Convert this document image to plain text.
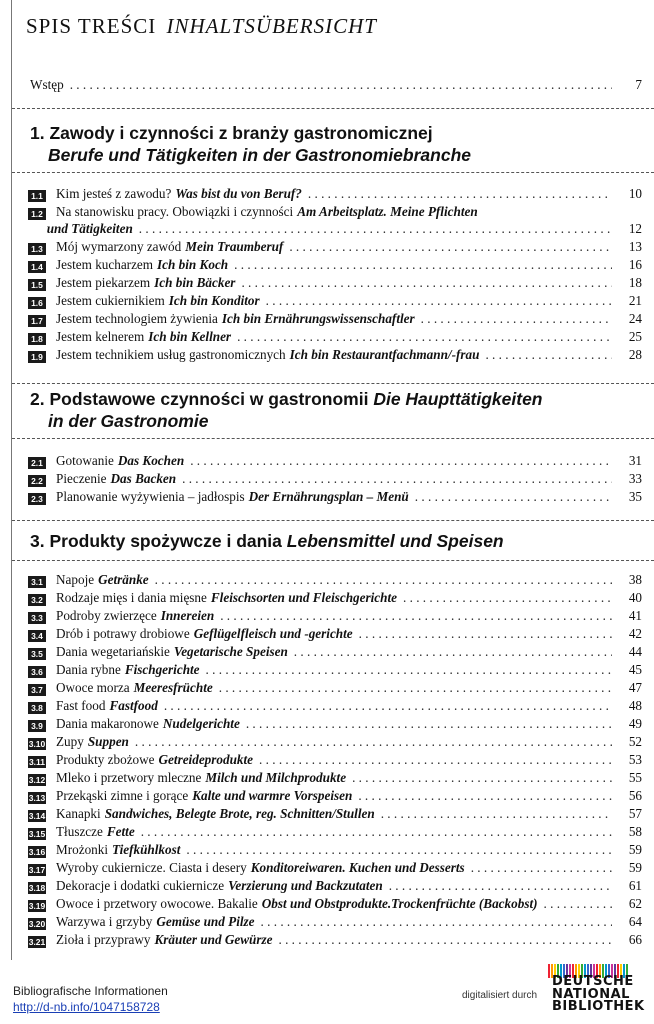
SPIS TREŚCI INHALTSÜBERSICHT
Wstęp . . .	7
1. Zawody i czynności z branży gastronomicznej
Berufe und Tätigkeiten in der Gastronomiebranche
2. Podstawowe czynności w gastronomii Die Haupttätigkeiten
in der Gastronomie
3. Produkty spożywcze i dania Lebensmittel und Speisen
Bibliografische Informationen
http://d-nb.info/1047158728
digitalisiert durch
DEUTSCHE
NATIONAL
BIBLIOTHEK
1.1 Kim jesteś z zawodu? Was bist du von Beruf? . . .	10
1.2 Na stanowisku pracy. Obowiązki i czynności Am Arbeitsplatz. Meine Pflichten
und Tätigkeiten . . .	12
1.3 Mój wymarzony zawód Mein Traumberuf . . .	13
1.4 Jestem kucharzem Ich bin Koch . . .	16
1.5 Jestem piekarzem Ich bin Bäcker . . .	18
1.6 Jestem cukiernikiem Ich bin Konditor . . .	21
1.7 Jestem technologiem żywienia Ich bin Ernährungswissenschaftler . . .	24
1.8 Jestem kelnerem Ich bin Kellner . . .	25
1.9 Jestem technikiem usług gastronomicznych Ich bin Restaurantfachmann/-frau . . .	28
2.1 Gotowanie Das Kochen . . .	31
2.2 Pieczenie Das Backen . . .	33
2.3 Planowanie wyżywienia – jadłospis Der Ernährungsplan – Menü . . .	35
3.1 Napoje Getränke . . .	38
3.2 Rodzaje mięs i dania mięsne Fleischsorten und Fleischgerichte . . .	40
3.3 Podroby zwierzęce Innereien . . .	41
3.4 Drób i potrawy drobiowe Geflügelfleisch und -gerichte . . .	42
3.5 Dania wegetariańskie Vegetarische Speisen . . .	44
3.6 Dania rybne Fischgerichte . . .	45
3.7 Owoce morza Meeresfrüchte . . .	47
3.8 Fast food Fastfood . . .	48
3.9 Dania makaronowe Nudelgerichte . . .	49
3.10 Zupy Suppen . . .	52
3.11 Produkty zbożowe Getreideprodukte . . .	53
3.12 Mleko i przetwory mleczne Milch und Milchprodukte . . .	55
3.13 Przekąski zimne i gorące Kalte und warmre Vorspeisen . . .	56
3.14 Kanapki Sandwiches, Belegte Brote, reg. Schnitten/Stullen . . .	57
3.15 Tłuszcze Fette . . .	58
3.16 Mrożonki Tiefkühlkost . . .	59
3.17 Wyroby cukiernicze. Ciasta i desery Konditoreiwaren. Kuchen und Desserts . . .	59
3.18 Dekoracje i dodatki cukiernicze Verzierung und Backzutaten . . .	61
3.19 Owoce i przetwory owocowe. Bakalie Obst und Obstprodukte.Trockenfrüchte (Backobst) . . .	62
3.20 Warzywa i grzyby Gemüse und Pilze . . .	64
3.21 Zioła i przyprawy Kräuter und Gewürze . . .	66
